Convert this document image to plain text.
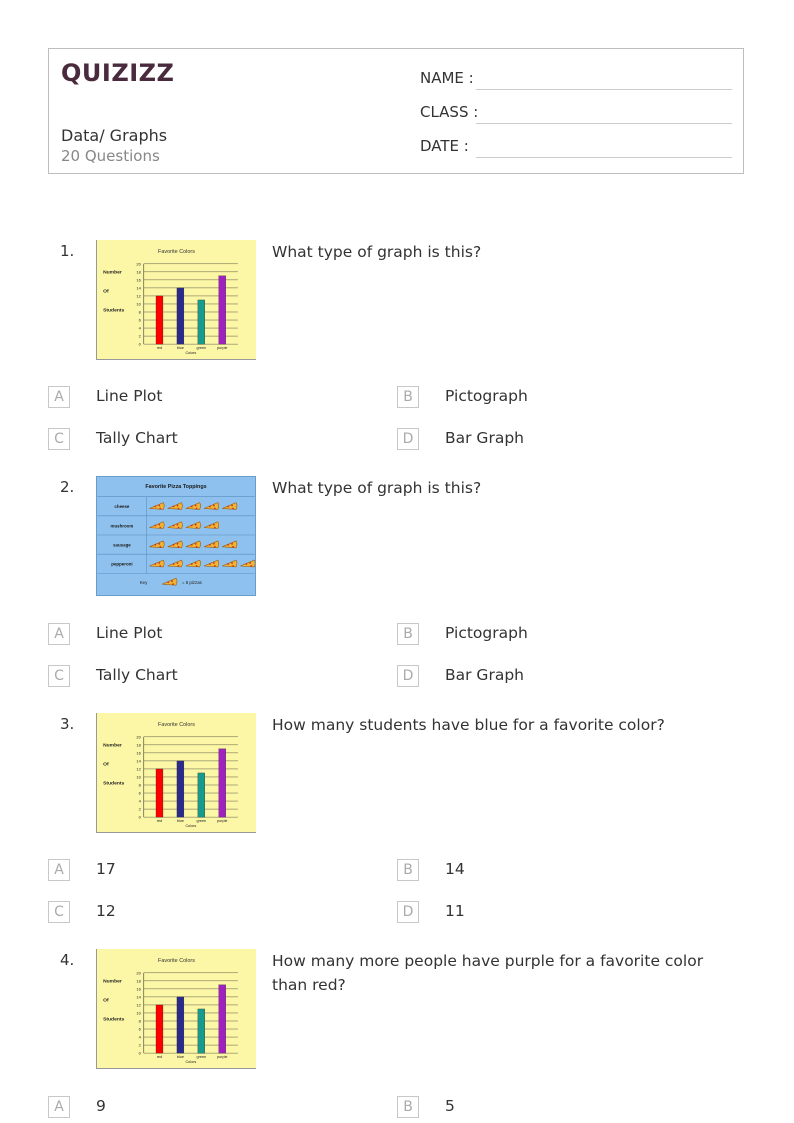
QUIZIZZ
Data/ Graphs
20 Questions
NAME :
CLASS :
DATE :
1.	Favorite Colors
Number
Of
Students
0
2
4
6
8
10
12
14
16
18
20
red	blue	green	purple
Colors
What type of graph is this?
A	Line Plot	B	Pictograph
C	Tally Chart	D	Bar Graph
2.	Favorite Pizza Toppings
cheese
mushroom
sausage
pepperoni
Key	= 5 pizzas
What type of graph is this?
A	Line Plot	B	Pictograph
C	Tally Chart	D	Bar Graph
3.	Favorite Colors
Number
Of
Students
0
2
4
6
8
10
12
14
16
18
20
red	blue	green	purple
Colors
How many students have blue for a favorite color?
A	17	B	14
C	12	D	11
4.	Favorite Colors
Number
Of
Students
0
2
4
6
8
10
12
14
16
18
20
red	blue	green	purple
Colors
How many more people have purple for a favorite color than red?
A	9	B	5
